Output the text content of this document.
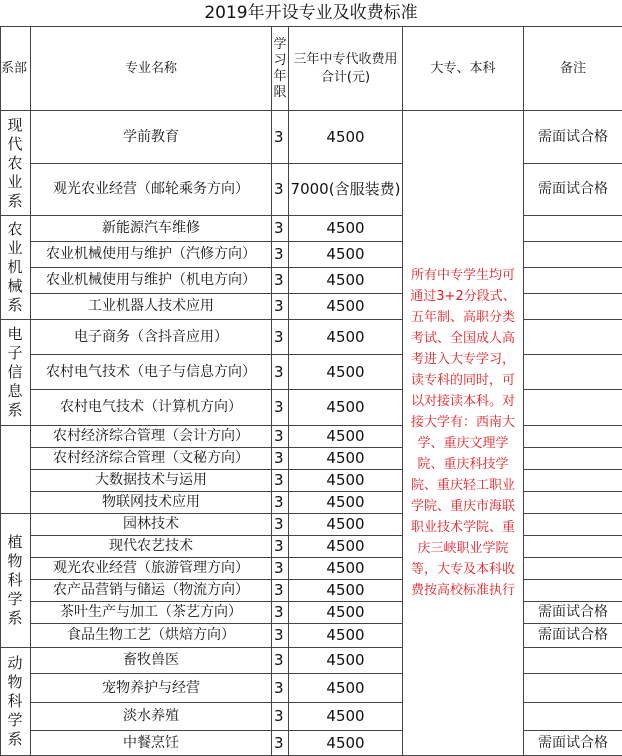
2019年开设专业及收费标准
系部	专业名称	学习年限	三年中专代收费用合计(元)	大专、本科	备注
现代农业系	学前教育	3	4500	所有中专学生均可通过3+2分段式、五年制、高职分类考试、全国成人高考进入大专学习，读专科的同时，可以对接读本科。对接大学有：西南大学、重庆文理学院、重庆科技学院、重庆轻工职业学院、重庆市海联职业技术学院、重庆三峡职业学院等，大专及本科收费按高校标准执行	需面试合格
	观光农业经营（邮轮乘务方向）	3	7000(含服装费)		需面试合格
农业机械系	新能源汽车维修	3	4500		
	农业机械使用与维护（汽修方向）	3	4500		
	农业机械使用与维护（机电方向）	3	4500		
	工业机器人技术应用	3	4500		
电子信息系	电子商务（含抖音应用）	3	4500		
	农村电气技术（电子与信息方向）	3	4500		
	农村电气技术（计算机方向）	3	4500		
	农村经济综合管理（会计方向）	3	4500		
	农村经济综合管理（文秘方向）	3	4500		
	大数据技术与运用	3	4500		
	物联网技术应用	3	4500		
植物科学系	园林技术	3	4500		
	现代农艺技术	3	4500		
	观光农业经营（旅游管理方向）	3	4500		
	农产品营销与储运（物流方向）	3	4500		
	茶叶生产与加工（茶艺方向）	3	4500		需面试合格
	食品生物工艺（烘焙方向）	3	4500		需面试合格
动物科学系	畜牧兽医	3	4500		
	宠物养护与经营	3	4500		
	淡水养殖	3	4500		
	中餐烹饪	3	4500		需面试合格
